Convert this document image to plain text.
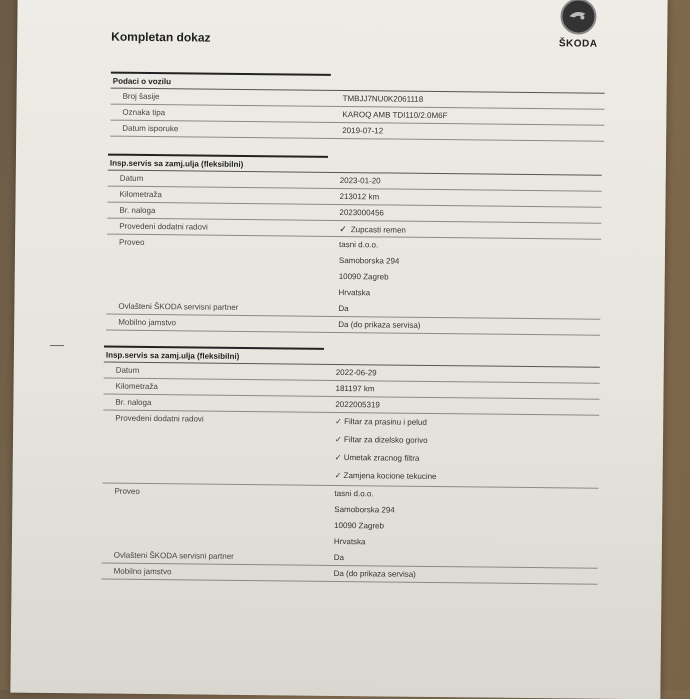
Kompletan dokaz	ŠKODA
Podaci o vozilu
Broj šasije	TMBJJ7NU0K2061118
Oznaka tipa	KAROQ AMB TDI110/2.0M6F
Datum isporuke	2019-07-12
Insp.servis sa zamj.ulja (fleksibilni)
Datum	2023-01-20
Kilometraža	213012 km
Br. naloga	2023000456
Provedeni dodatni radovi	✓ Zupcasti remen
Proveo	tasni d.o.o.
Samoborska 294
10090 Zagreb
Hrvatska
Ovlašteni ŠKODA servisni partner	Da
Mobilno jamstvo	Da (do prikaza servisa)
Insp.servis sa zamj.ulja (fleksibilni)
Datum	2022-06-29
Kilometraža	181197 km
Br. naloga	2022005319
Provedeni dodatni radovi	✓ Filtar za prasinu i pelud
✓ Filtar za dizelsko gorivo
✓ Umetak zracnog filtra
✓ Zamjena kocione tekucine
Proveo	tasni d.o.o.
Samoborska 294
10090 Zagreb
Hrvatska
Ovlašteni ŠKODA servisni partner	Da
Mobilno jamstvo	Da (do prikaza servisa)
